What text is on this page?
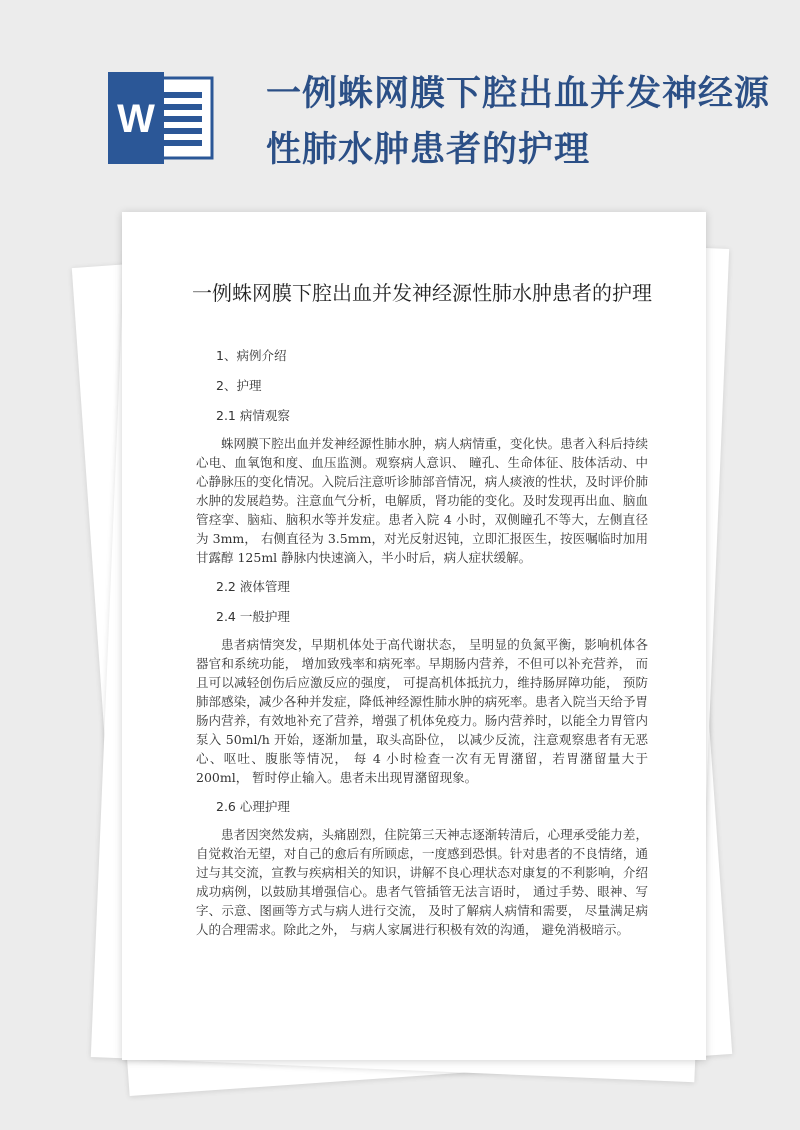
W
一例蛛网膜下腔出血并发神经源性肺水肿患者的护理
一例蛛网膜下腔出血并发神经源性肺水肿患者的护理
1、病例介绍
2、护理
2.1 病情观察

蛛网膜下腔出血并发神经源性肺水肿，病人病情重，变化快。患者入科后持续心电、血氧饱和度、血压监测。观察病人意识、 瞳孔、生命体征、肢体活动、中心静脉压的变化情况。入院后注意听诊肺部音情况，病人痰液的性状，及时评价肺水肿的发展趋势。注意血气分析，电解质，肾功能的变化。及时发现再出血、脑血管痉挛、脑疝、脑积水等并发症。患者入院 4 小时，双侧瞳孔不等大，左侧直径为 3mm， 右侧直径为 3.5mm，对光反射迟钝，立即汇报医生，按医嘱临时加用甘露醇 125ml 静脉内快速滴入，半小时后，病人症状缓解。

2.2 液体管理
2.4 一般护理

患者病情突发，早期机体处于高代谢状态， 呈明显的负氮平衡，影响机体各器官和系统功能， 增加致残率和病死率。早期肠内营养，不但可以补充营养， 而且可以减轻创伤后应激反应的强度， 可提高机体抵抗力，维持肠屏障功能， 预防肺部感染，减少各种并发症，降低神经源性肺水肿的病死率。患者入院当天给予胃肠内营养，有效地补充了营养，增强了机体免疫力。肠内营养时，以能全力胃管内泵入 50ml/h 开始，逐渐加量，取头高卧位， 以减少反流，注意观察患者有无恶心、呕吐、腹胀等情况， 每 4 小时检查一次有无胃潴留，若胃潴留量大于 200ml， 暂时停止输入。患者未出现胃潴留现象。

2.6 心理护理

患者因突然发病，头痛剧烈，住院第三天神志逐渐转清后，心理承受能力差，自觉救治无望，对自己的愈后有所顾虑，一度感到恐惧。针对患者的不良情绪，通过与其交流，宣教与疾病相关的知识，讲解不良心理状态对康复的不利影响，介绍成功病例，以鼓励其增强信心。患者气管插管无法言语时， 通过手势、眼神、写字、示意、图画等方式与病人进行交流， 及时了解病人病情和需要， 尽量满足病人的合理需求。除此之外， 与病人家属进行积极有效的沟通， 避免消极暗示。
